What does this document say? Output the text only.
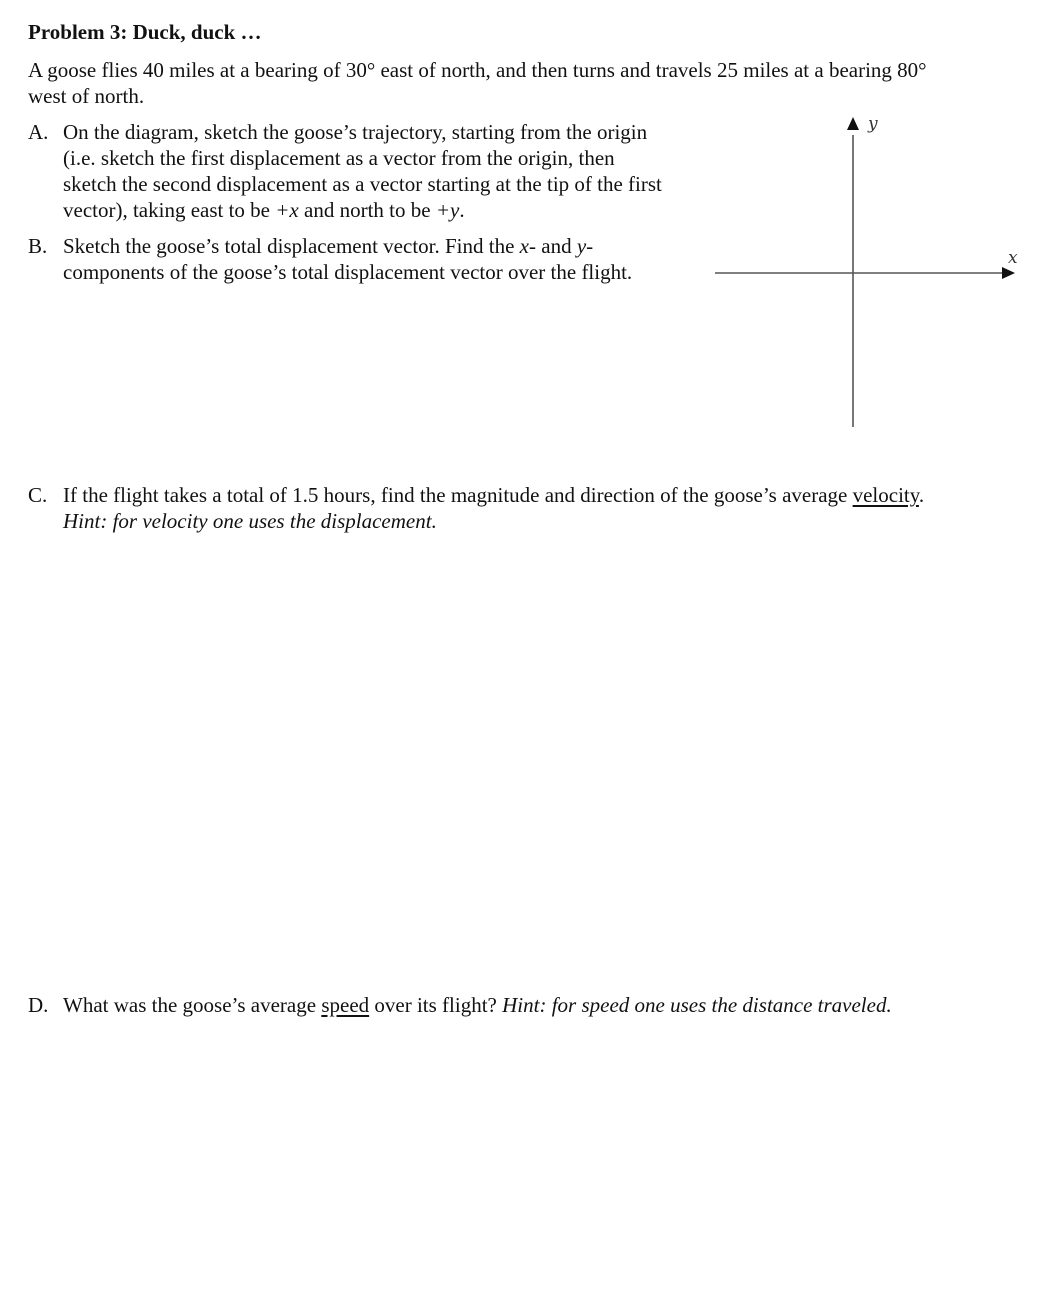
Problem 3: Duck, duck …
A goose flies 40 miles at a bearing of 30° east of north, and then turns and travels 25 miles at a bearing 80° west of north.
A. On the diagram, sketch the goose’s trajectory, starting from the origin
(i.e. sketch the first displacement as a vector from the origin, then
sketch the second displacement as a vector starting at the tip of the first
vector), taking east to be +x and north to be +y.
B. Sketch the goose’s total displacement vector. Find the x- and y-
components of the goose’s total displacement vector over the flight.
y
x
C. If the flight takes a total of 1.5 hours, find the magnitude and direction of the goose’s average velocity. Hint: for velocity one uses the displacement.
D. What was the goose’s average speed over its flight? Hint: for speed one uses the distance traveled.
